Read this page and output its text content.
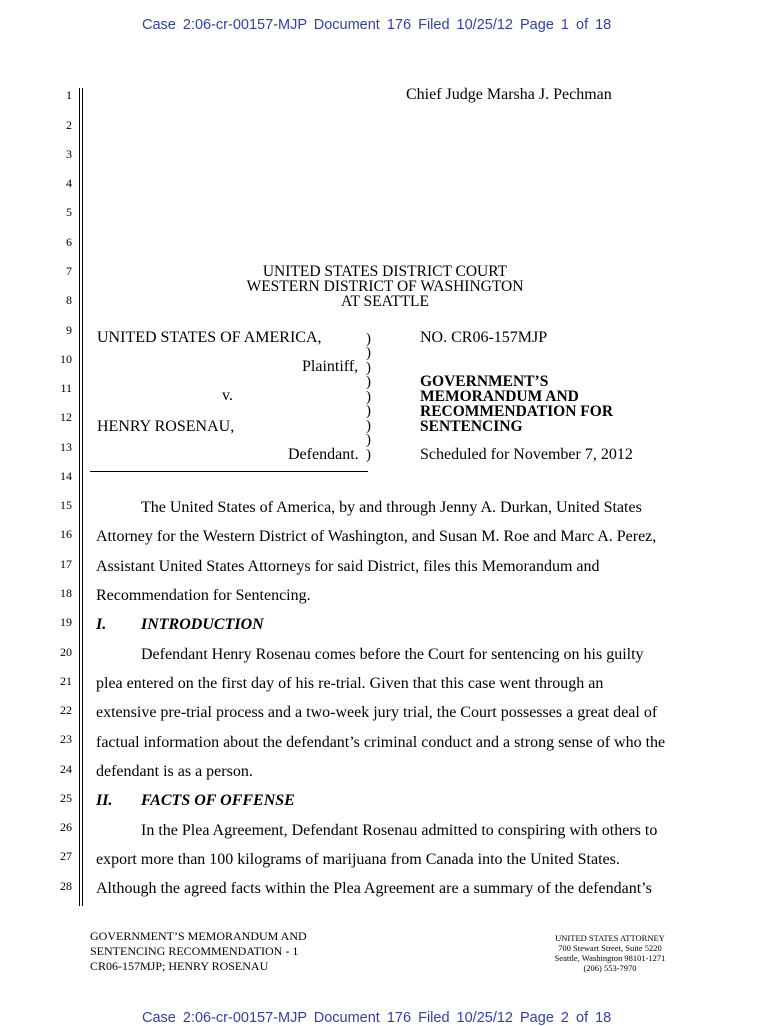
Case 2:06-cr-00157-MJP Document 176 Filed 10/25/12 Page 1 of 18
1
2
3
4
5
6
7
8
9
10
11
12
13
14
15
16
17
18
19
20
21
22
23
24
25
26
27
28
Chief Judge Marsha J. Pechman
UNITED STATES DISTRICT COURT
WESTERN DISTRICT OF WASHINGTON
AT SEATTLE
UNITED STATES OF AMERICA,
Plaintiff,
v.
HENRY ROSENAU,
Defendant.
)
)
)
)
)
)
)
)
)
NO. CR06-157MJP
GOVERNMENT’S
MEMORANDUM AND
RECOMMENDATION FOR
SENTENCING
Scheduled for November 7, 2012
The United States of America, by and through Jenny A. Durkan, United States
Attorney for the Western District of Washington, and Susan M. Roe and Marc A. Perez,
Assistant United States Attorneys for said District, files this Memorandum and
Recommendation for Sentencing.
I. INTRODUCTION
Defendant Henry Rosenau comes before the Court for sentencing on his guilty
plea entered on the first day of his re-trial. Given that this case went through an
extensive pre-trial process and a two-week jury trial, the Court possesses a great deal of
factual information about the defendant’s criminal conduct and a strong sense of who the
defendant is as a person.
II. FACTS OF OFFENSE
In the Plea Agreement, Defendant Rosenau admitted to conspiring with others to
export more than 100 kilograms of marijuana from Canada into the United States.
Although the agreed facts within the Plea Agreement are a summary of the defendant’s
GOVERNMENT’S MEMORANDUM AND
SENTENCING RECOMMENDATION - 1
CR06-157MJP; HENRY ROSENAU
UNITED STATES ATTORNEY
700 Stewart Street, Suite 5220
Seattle, Washington 98101-1271
(206) 553-7970
Case 2:06-cr-00157-MJP Document 176 Filed 10/25/12 Page 2 of 18
